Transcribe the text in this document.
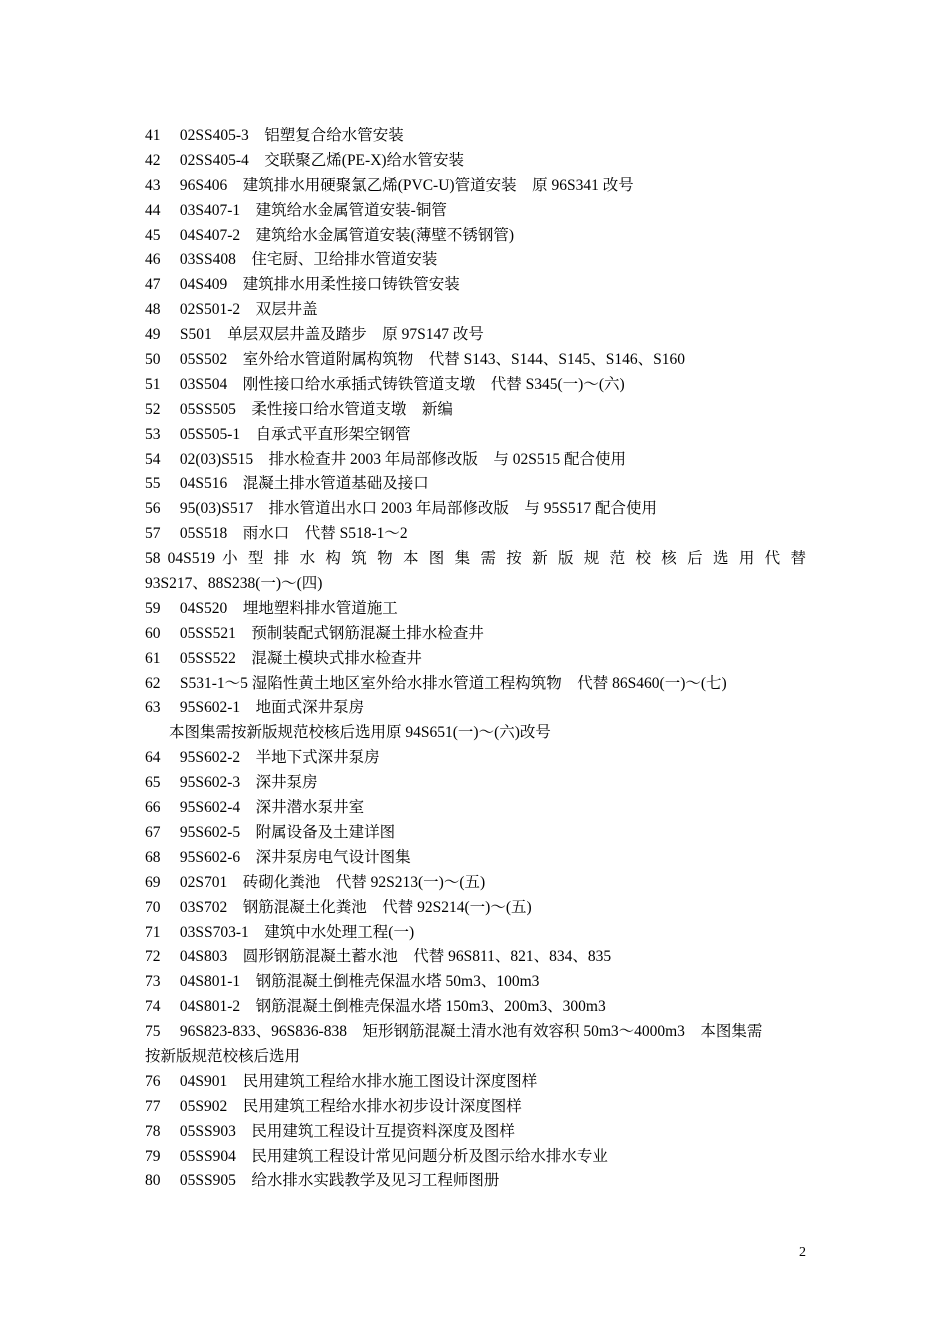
41  02SS405-3　铝塑复合给水管安装
42  02SS405-4　交联聚乙烯(PE-X)给水管安装
43  96S406　建筑排水用硬聚氯乙烯(PVC-U)管道安装　原 96S341 改号
44  03S407-1　建筑给水金属管道安装-铜管
45  04S407-2　建筑给水金属管道安装(薄壁不锈钢管)
46  03SS408　住宅厨、卫给排水管道安装
47  04S409　建筑排水用柔性接口铸铁管安装
48  02S501-2　双层井盖
49  S501　单层双层井盖及踏步　原 97S147 改号
50  05S502　室外给水管道附属构筑物　代替 S143、S144、S145、S146、S160
51  03S504　刚性接口给水承插式铸铁管道支墩　代替 S345(一)～(六)
52  05SS505　柔性接口给水管道支墩　新编
53  05S505-1　自承式平直形架空钢管
54  02(03)S515　排水检查井 2003 年局部修改版　与 02S515 配合使用
55  04S516　混凝土排水管道基础及接口
56  95(03)S517　排水管道出水口 2003 年局部修改版　与 95S517 配合使用
57  05S518　雨水口　代替 S518-1～2
58 04S519 小 型 排 水 构 筑 物 本 图 集 需 按 新 版 规 范 校 核 后 选 用 代 替
93S217、88S238(一)～(四)
59  04S520　埋地塑料排水管道施工
60  05SS521　预制装配式钢筋混凝土排水检查井
61  05SS522　混凝土模块式排水检查井
62  S531-1～5 湿陷性黄土地区室外给水排水管道工程构筑物　代替 86S460(一)～(七)
63  95S602-1　地面式深井泵房
本图集需按新版规范校核后选用原 94S651(一)～(六)改号
64  95S602-2　半地下式深井泵房
65  95S602-3　深井泵房
66  95S602-4　深井潜水泵井室
67  95S602-5　附属设备及土建详图
68  95S602-6　深井泵房电气设计图集
69  02S701　砖砌化粪池　代替 92S213(一)～(五)
70  03S702　钢筋混凝土化粪池　代替 92S214(一)～(五)
71  03SS703-1　建筑中水处理工程(一)
72  04S803　圆形钢筋混凝土蓄水池　代替 96S811、821、834、835
73  04S801-1　钢筋混凝土倒椎壳保温水塔 50m3、100m3
74  04S801-2　钢筋混凝土倒椎壳保温水塔 150m3、200m3、300m3
75  96S823-833、96S836-838　矩形钢筋混凝土清水池有效容积 50m3～4000m3　本图集需
按新版规范校核后选用
76  04S901　民用建筑工程给水排水施工图设计深度图样
77  05S902　民用建筑工程给水排水初步设计深度图样
78  05SS903　民用建筑工程设计互提资料深度及图样
79  05SS904　民用建筑工程设计常见问题分析及图示给水排水专业
80  05SS905　给水排水实践教学及见习工程师图册
2
